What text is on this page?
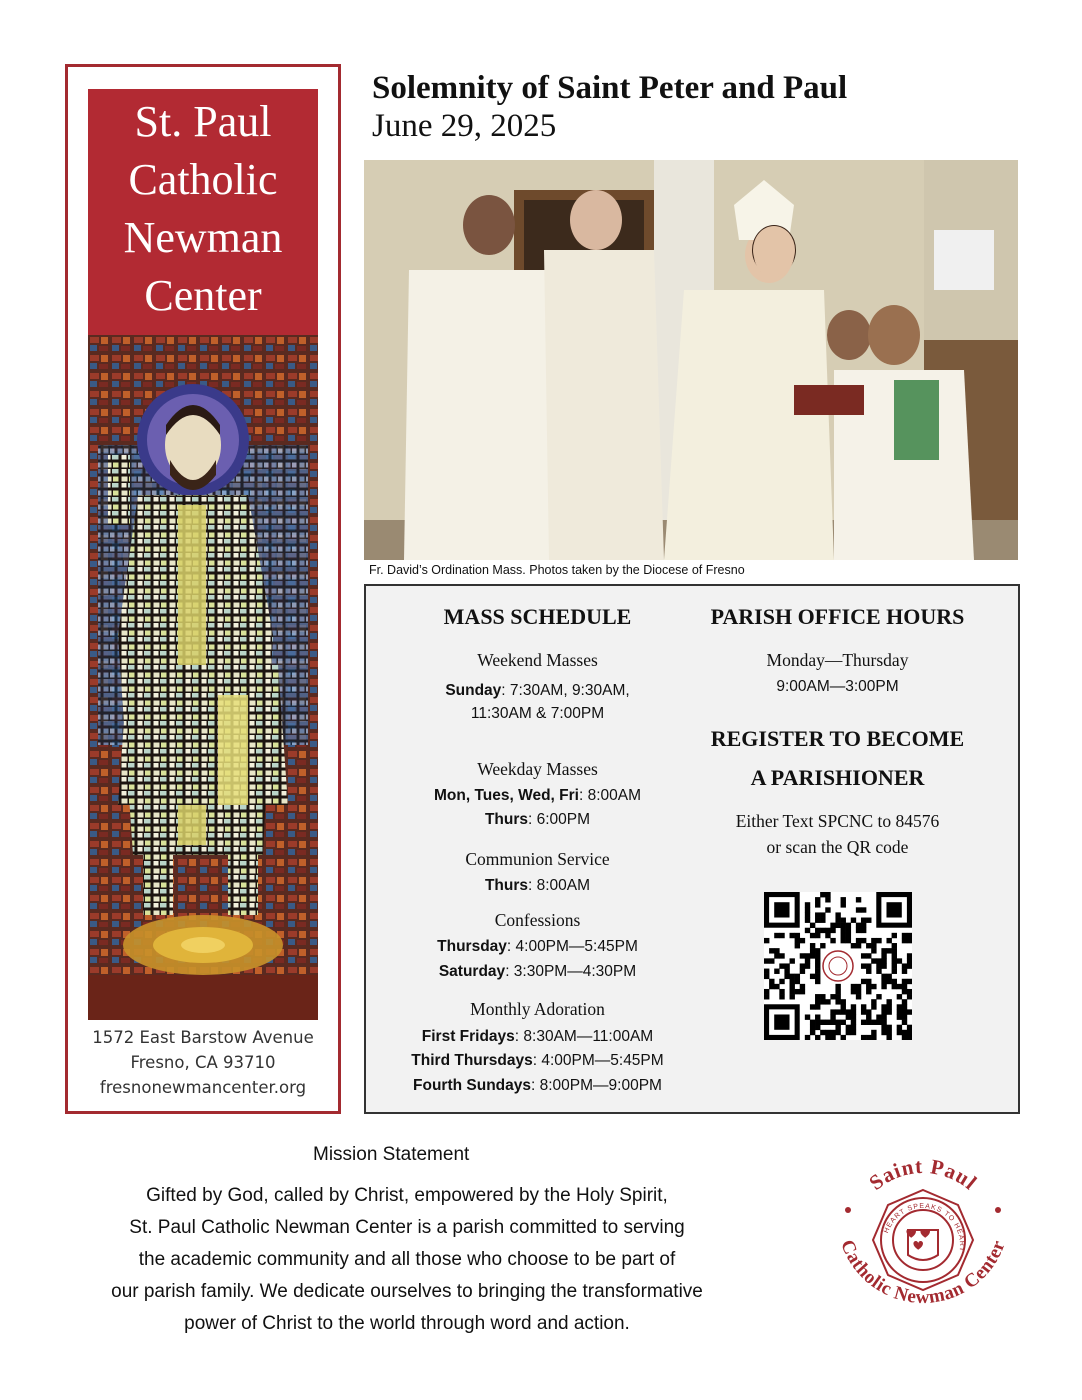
St. Paul
Catholic
Newman
Center
1572 East Barstow Avenue
Fresno, CA 93710
fresnonewmancenter.org
Solemnity of Saint Peter and Paul
June 29, 2025
Fr. David’s Ordination Mass. Photos taken by the Diocese of Fresno
MASS SCHEDULE
Weekend Masses
Sunday: 7:30AM, 9:30AM,
11:30AM & 7:00PM
Weekday Masses
Mon, Tues, Wed, Fri: 8:00AM
Thurs: 6:00PM
Communion Service
Thurs: 8:00AM
Confessions
Thursday: 4:00PM—5:45PM
Saturday: 3:30PM—4:30PM
Monthly Adoration
First Fridays: 8:30AM—11:00AM
Third Thursdays: 4:00PM—5:45PM
Fourth Sundays: 8:00PM—9:00PM
PARISH OFFICE HOURS
Monday—Thursday
9:00AM—3:00PM
REGISTER TO BECOME
A PARISHIONER
Either Text SPCNC to 84576
or scan the QR code
Mission Statement
Gifted by God, called by Christ, empowered by the Holy Spirit,
St. Paul Catholic Newman Center is a parish committed to serving
the academic community and all those who choose to be part of
our parish family. We dedicate ourselves to bringing the transformative
power of Christ to the world through word and action.
Saint Paul
Catholic Newman Center
HEART SPEAKS TO HEART
